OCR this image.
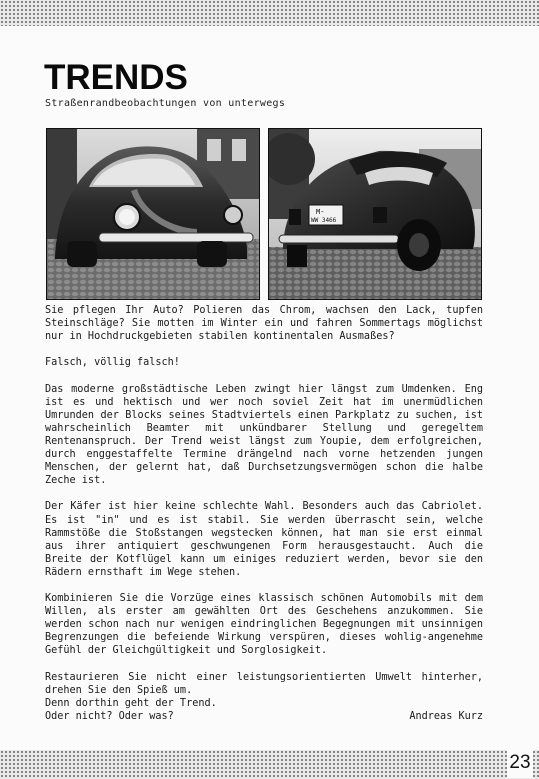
TRENDS
Straßenrandbeobachtungen von unterwegs
M-
WW 3466

Sie pflegen Ihr Auto? Polieren das Chrom, wachsen den Lack, tupfen Steinschläge? Sie motten im Winter ein und fahren Sommertags möglichst nur in Hochdruckgebieten stabilen kontinentalen Ausmaßes?

Falsch, völlig falsch!

Das moderne großstädtische Leben zwingt hier längst zum Umdenken. Eng ist es und hektisch und wer noch soviel Zeit hat im unermüdlichen Umrunden der Blocks seines Stadtviertels einen Parkplatz zu suchen, ist wahrscheinlich Beamter mit unkündbarer Stellung und geregeltem Rentenanspruch. Der Trend weist längst zum Youpie, dem erfolgreichen, durch enggestaffelte Termine drängelnd nach vorne hetzenden jungen Menschen, der gelernt hat, daß Durchsetzungsvermögen schon die halbe Zeche ist.

Der Käfer ist hier keine schlechte Wahl. Besonders auch das Cabriolet. Es ist "in" und es ist stabil. Sie werden überrascht sein, welche Rammstöße die Stoßstangen wegstecken können, hat man sie erst einmal aus ihrer antiquiert geschwungenen Form herausgestaucht. Auch die Breite der Kotflügel kann um einiges reduziert werden, bevor sie den Rädern ernsthaft im Wege stehen.

Kombinieren Sie die Vorzüge eines klassisch schönen Automobils mit dem Willen, als erster am gewählten Ort des Geschehens anzukommen. Sie werden schon nach nur wenigen eindringlichen Begegnungen mit unsinnigen Begrenzungen die befeiende Wirkung verspüren, dieses wohlig-angenehme Gefühl der Gleichgültigkeit und Sorglosigkeit.

Restaurieren Sie nicht einer leistungsorientierten Umwelt hinterher, drehen Sie den Spieß um.

Denn dorthin geht der Trend.

Oder nicht? Oder was?	Andreas Kurz
23
